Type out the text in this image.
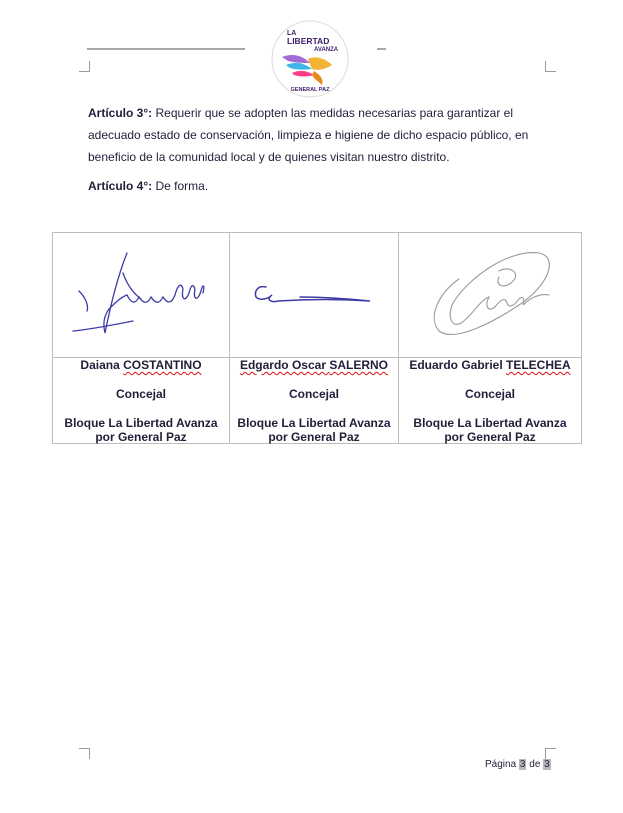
LA
LIBERTAD
AVANZA
GENERAL PAZ

Artículo 3°: Requerir que se adopten las medidas necesarias para garantizar el adecuado estado de conservación, limpieza e higiene de dicho espacio público, en beneficio de la comunidad local y de quienes visitan nuestro distrito.

Artículo 4°: De forma.

Daiana COSTANTINO
Concejal
Bloque La Libertad Avanza por General Paz
Edgardo Oscar SALERNO
Concejal
Bloque La Libertad Avanza por General Paz
Eduardo Gabriel TELECHEA
Concejal
Bloque La Libertad Avanza por General Paz
Página 3 de 3
